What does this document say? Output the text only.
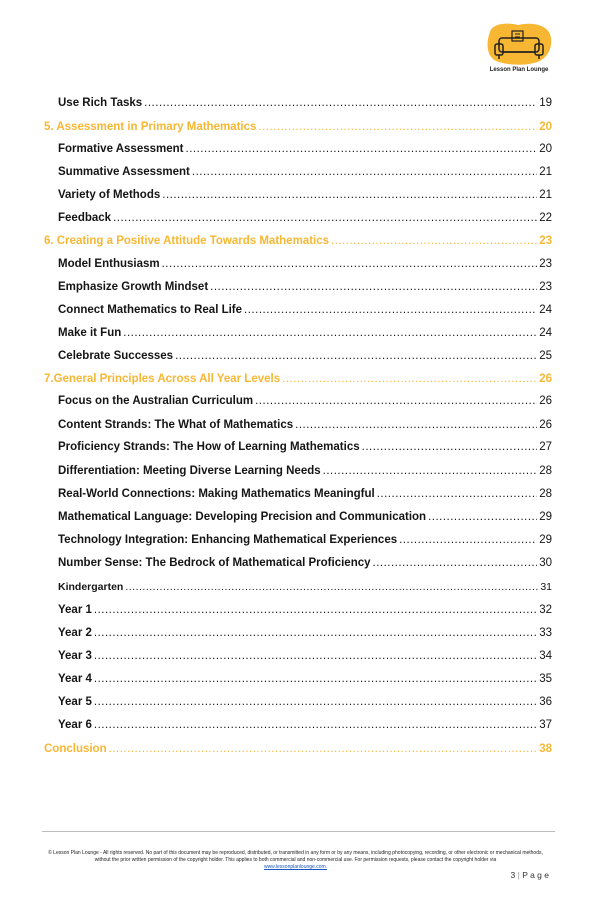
Lesson Plan Lounge
Use Rich Tasks .....	19
5. Assessment in Primary Mathematics .....	20
Formative Assessment .....	20
Summative Assessment .....	21
Variety of Methods .....	21
Feedback .....	22
6. Creating a Positive Attitude Towards Mathematics .....	23
Model Enthusiasm .....	23
Emphasize Growth Mindset .....	23
Connect Mathematics to Real Life .....	24
Make it Fun .....	24
Celebrate Successes .....	25
7.General Principles Across All Year Levels .....	26
Focus on the Australian Curriculum .....	26
Content Strands: The What of Mathematics .....	26
Proficiency Strands: The How of Learning Mathematics .....	27
Differentiation: Meeting Diverse Learning Needs .....	28
Real-World Connections: Making Mathematics Meaningful .....	28
Mathematical Language: Developing Precision and Communication .....	29
Technology Integration: Enhancing Mathematical Experiences .....	29
Number Sense: The Bedrock of Mathematical Proficiency .....	30
Kindergarten .....	31
Year 1 .....	32
Year 2 .....	33
Year 3 .....	34
Year 4 .....	35
Year 5 .....	36
Year 6 .....	37
Conclusion .....	38
© Lesson Plan Lounge - All rights reserved. No part of this document may be reproduced, distributed, or transmitted in any form or by any means, including photocopying, recording, or other electronic or mechanical methods, without the prior written permission of the copyright holder. This applies to both commercial and non-commercial use. For permission requests, please contact the copyright holder via
www.lessonplanlounge.com.
3 | P a g e
